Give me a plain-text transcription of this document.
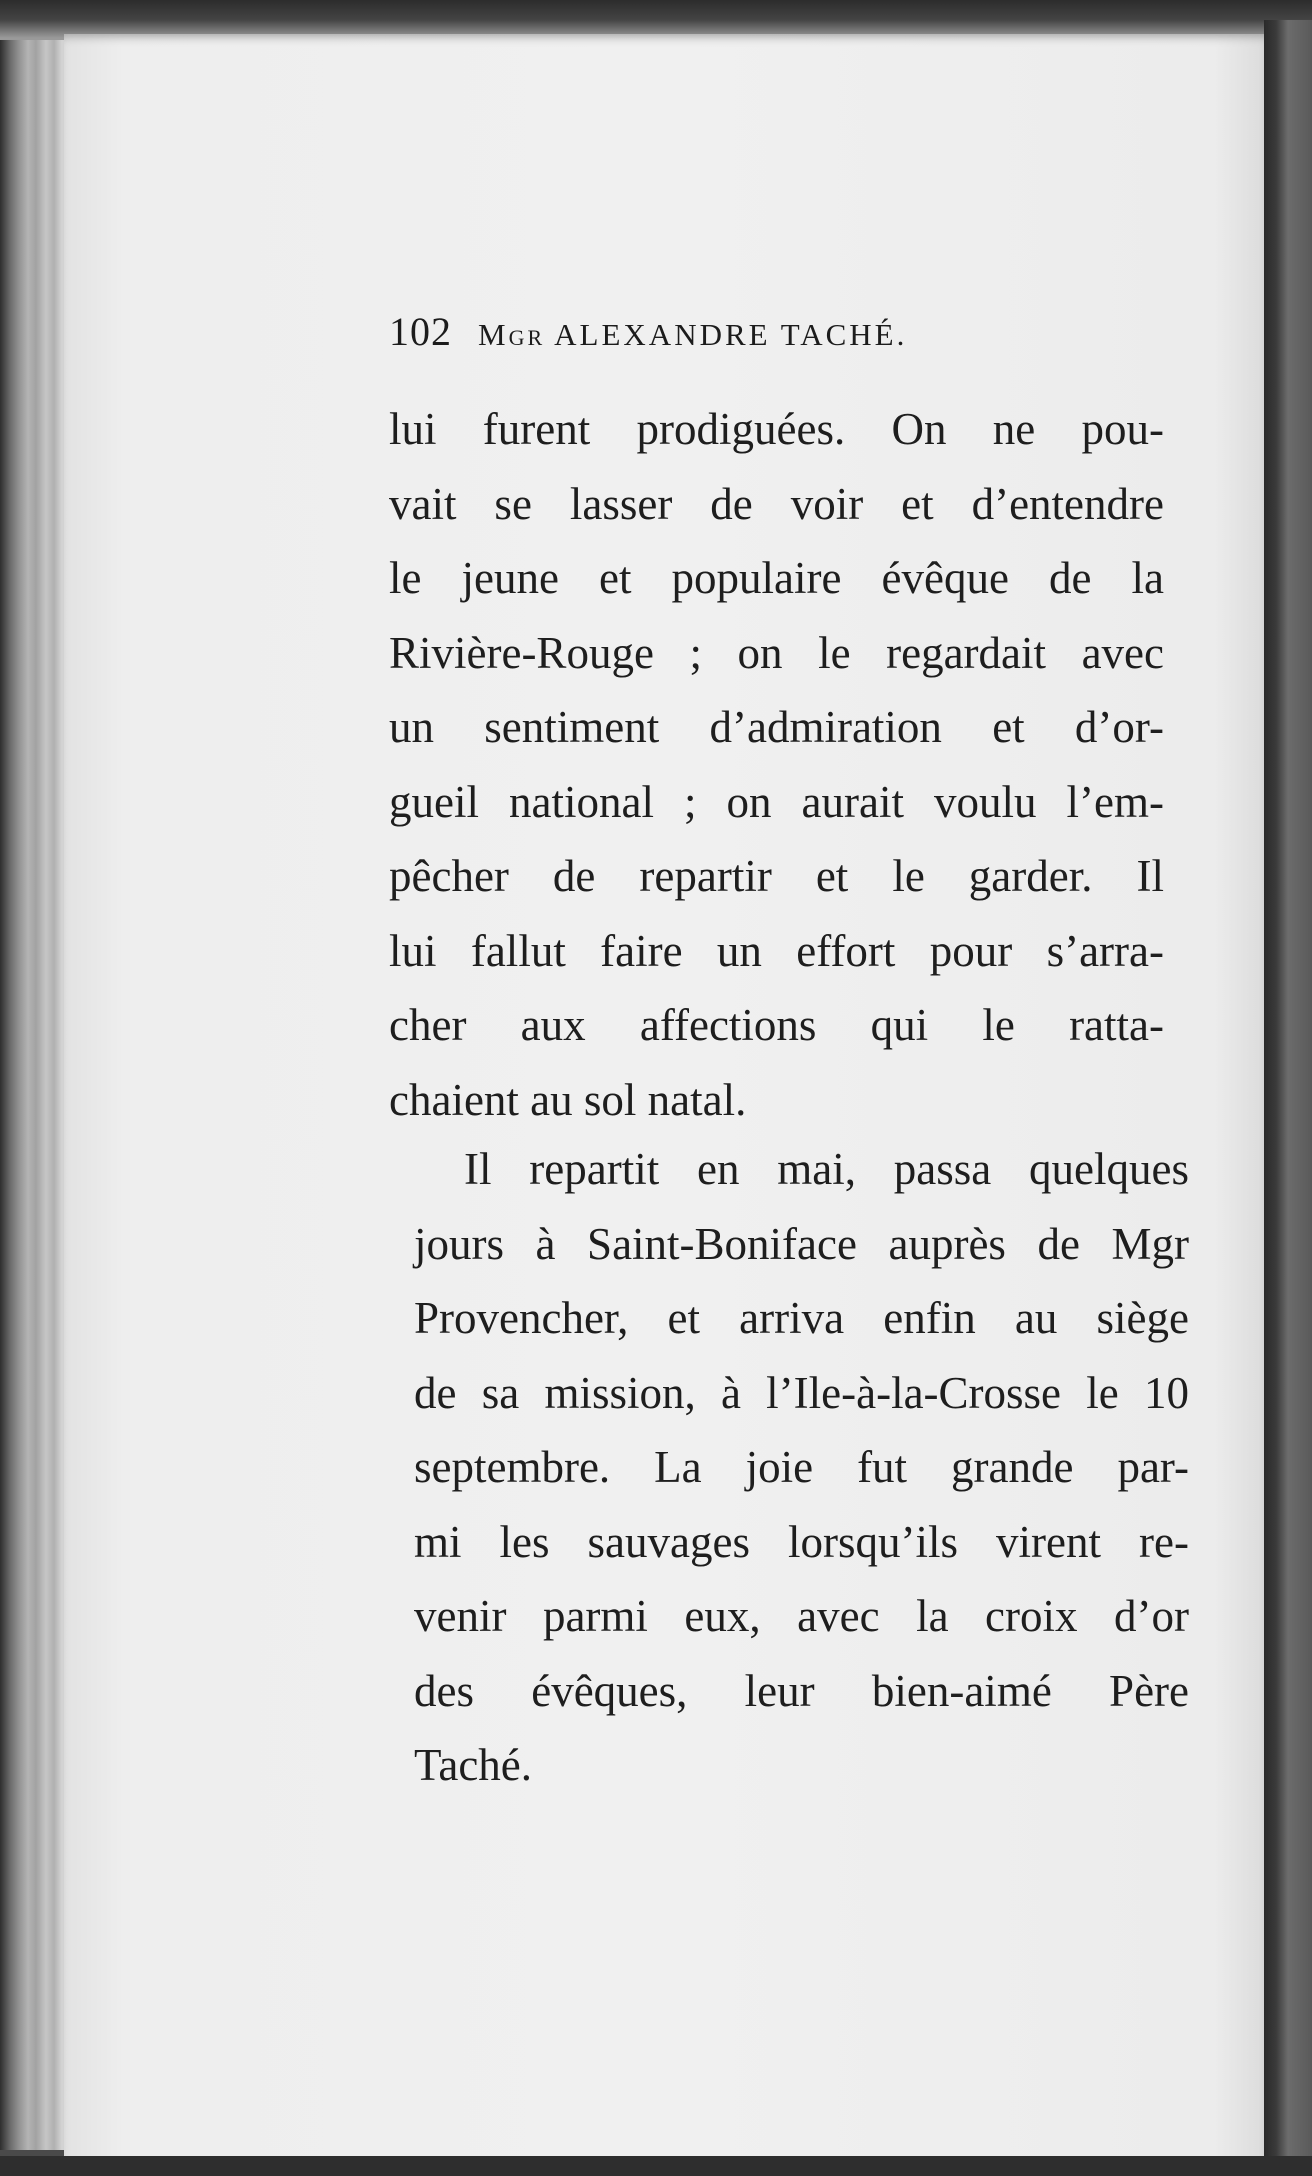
102 Mgr ALEXANDRE TACHÉ.
lui furent prodiguées. On ne pou-
vait se lasser de voir et d’entendre
le jeune et populaire évêque de la
Rivière-Rouge ; on le regardait avec
un sentiment d’admiration et d’or-
gueil national ; on aurait voulu l’em-
pêcher de repartir et le garder. Il
lui fallut faire un effort pour s’arra-
cher aux affections qui le ratta-
chaient au sol natal.
Il repartit en mai, passa quelques
jours à Saint-Boniface auprès de Mgr
Provencher, et arriva enfin au siège
de sa mission, à l’Ile-à-la-Crosse le 10
septembre. La joie fut grande par-
mi les sauvages lorsqu’ils virent re-
venir parmi eux, avec la croix d’or
des évêques, leur bien-aimé Père
Taché.
